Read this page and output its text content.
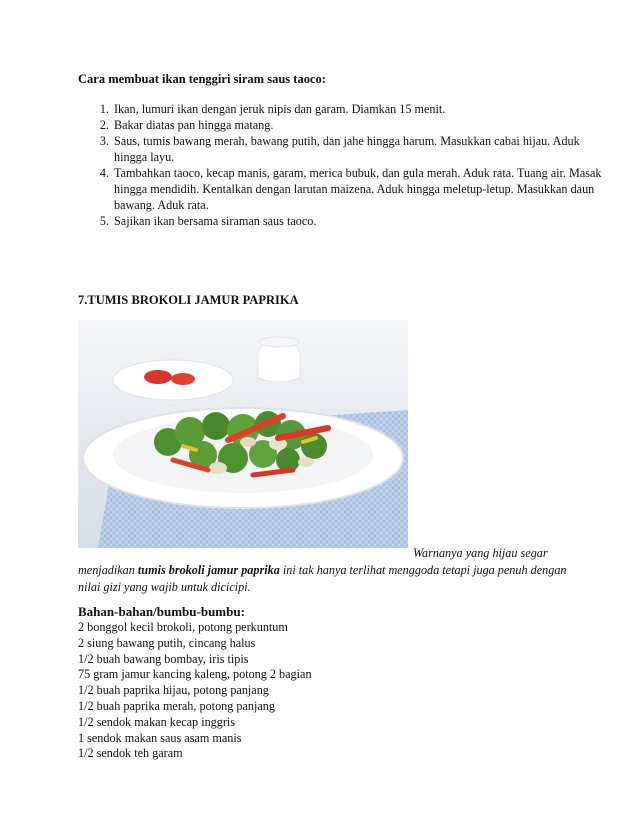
Cara membuat ikan tenggiri siram saus taoco:
1. Ikan, lumuri ikan dengan jeruk nipis dan garam. Diamkan 15 menit.
2. Bakar diatas pan hingga matang.
3. Saus, tumis bawang merah, bawang putih, dan jahe hingga harum. Masukkan cabai hijau. Aduk hingga layu.
4. Tambahkan taoco, kecap manis, garam, merica bubuk, dan gula merah. Aduk rata. Tuang air. Masak hingga mendidih. Kentalkan dengan larutan maizena. Aduk hingga meletup-letup. Masukkan daun bawang. Aduk rata.
5. Sajikan ikan bersama siraman saus taoco.
7.TUMIS BROKOLI JAMUR PAPRIKA
Warnanya yang hijau segar menjadikan tumis brokoli jamur paprika ini tak hanya terlihat menggoda tetapi juga penuh dengan nilai gizi yang wajib untuk dicicipi.
Bahan-bahan/bumbu-bumbu:
2 bonggol kecil brokoli, potong perkuntum
2 siung bawang putih, cincang halus
1/2 buah bawang bombay, iris tipis
75 gram jamur kancing kaleng, potong 2 bagian
1/2 buah paprika hijau, potong panjang
1/2 buah paprika merah, potong panjang
1/2 sendok makan kecap inggris
1 sendok makan saus asam manis
1/2 sendok teh garam
